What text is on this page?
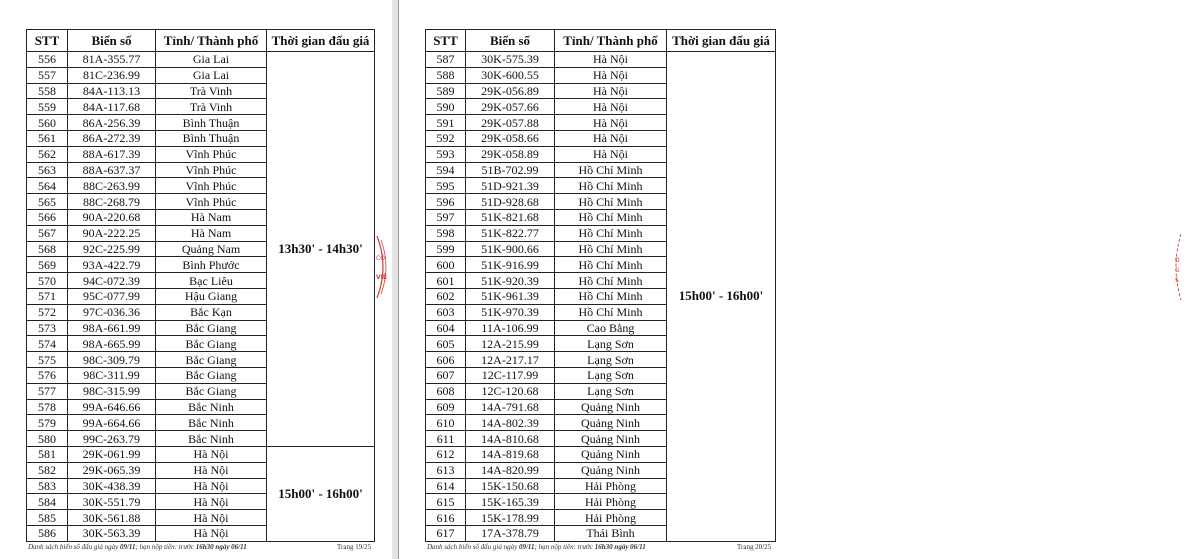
STT	Biển số	Tỉnh/ Thành phố	Thời gian đấu giá
556	81A-355.77	Gia Lai	13h30' - 14h30'
557	81C-236.99	Gia Lai	
558	84A-113.13	Trà Vinh	
559	84A-117.68	Trà Vinh	
560	86A-256.39	Bình Thuận	
561	86A-272.39	Bình Thuận	
562	88A-617.39	Vĩnh Phúc	
563	88A-637.37	Vĩnh Phúc	
564	88C-263.99	Vĩnh Phúc	
565	88C-268.79	Vĩnh Phúc	
566	90A-220.68	Hà Nam	
567	90A-222.25	Hà Nam	
568	92C-225.99	Quảng Nam	
569	93A-422.79	Bình Phước	
570	94C-072.39	Bạc Liêu	
571	95C-077.99	Hậu Giang	
572	97C-036.36	Bắc Kạn	
573	98A-661.99	Bắc Giang	
574	98A-665.99	Bắc Giang	
575	98C-309.79	Bắc Giang	
576	98C-311.99	Bắc Giang	
577	98C-315.99	Bắc Giang	
578	99A-646.66	Bắc Ninh	
579	99A-664.66	Bắc Ninh	
580	99C-263.79	Bắc Ninh	
581	29K-061.99	Hà Nội	15h00' - 16h00'
582	29K-065.39	Hà Nội	
583	30K-438.39	Hà Nội	
584	30K-551.79	Hà Nội	
585	30K-561.88	Hà Nội	
586	30K-563.39	Hà Nội	
Danh sách biển số đấu giá ngày 09/11; hạn nộp tiền: trước 16h30 ngày 06/11	Trang 19/25
CÔ
VIỆ
STT	Biển số	Tỉnh/ Thành phố	Thời gian đấu giá
587	30K-575.39	Hà Nội	15h00' - 16h00'
588	30K-600.55	Hà Nội	
589	29K-056.89	Hà Nội	
590	29K-057.66	Hà Nội	
591	29K-057.88	Hà Nội	
592	29K-058.66	Hà Nội	
593	29K-058.89	Hà Nội	
594	51B-702.99	Hồ Chí Minh	
595	51D-921.39	Hồ Chí Minh	
596	51D-928.68	Hồ Chí Minh	
597	51K-821.68	Hồ Chí Minh	
598	51K-822.77	Hồ Chí Minh	
599	51K-900.66	Hồ Chí Minh	
600	51K-916.99	Hồ Chí Minh	
601	51K-920.39	Hồ Chí Minh	
602	51K-961.39	Hồ Chí Minh	
603	51K-970.39	Hồ Chí Minh	
604	11A-106.99	Cao Bằng	
605	12A-215.99	Lạng Sơn	
606	12A-217.17	Lạng Sơn	
607	12C-117.99	Lạng Sơn	
608	12C-120.68	Lạng Sơn	
609	14A-791.68	Quảng Ninh	
610	14A-802.39	Quảng Ninh	
611	14A-810.68	Quảng Ninh	
612	14A-819.68	Quảng Ninh	
613	14A-820.99	Quảng Ninh	
614	15K-150.68	Hải Phòng	
615	15K-165.39	Hải Phòng	
616	15K-178.99	Hải Phòng	
617	17A-378.79	Thái Bình	
Danh sách biển số đấu giá ngày 09/11; hạn nộp tiền: trước 16h30 ngày 06/11	Trang 20/25
Đ
G
S
